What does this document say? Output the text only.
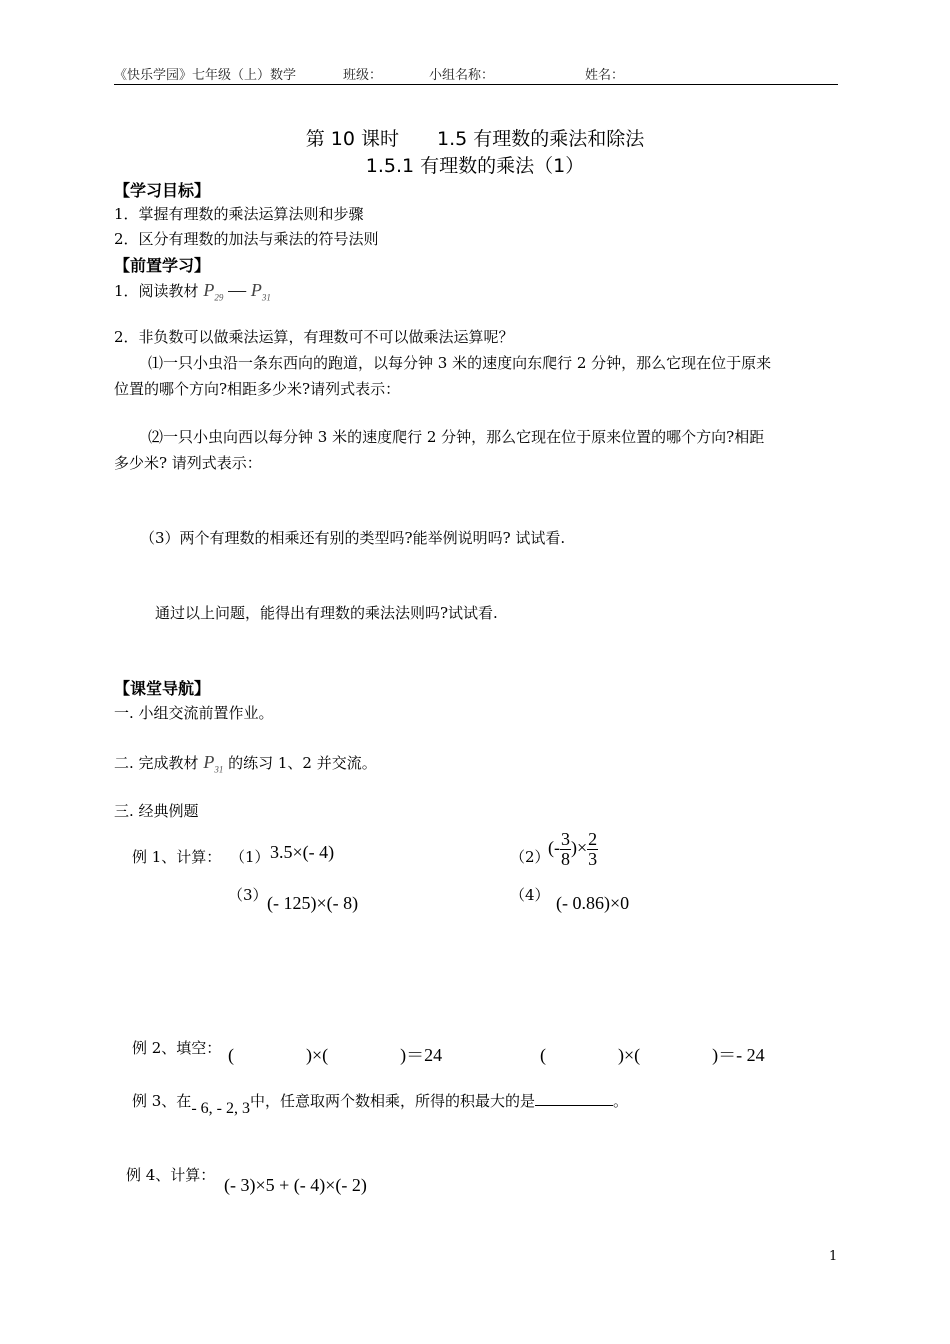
《快乐学园》七年级（上）数学	班级：	小组名称：	姓名：
第 10 课时　　1.5 有理数的乘法和除法
1.5.1 有理数的乘法（1）
【学习目标】
1．掌握有理数的乘法运算法则和步骤
2．区分有理数的加法与乘法的符号法则
【前置学习】
1．阅读教材 $P_{29}$ — $P_{31}$
2．非负数可以做乘法运算，有理数可不可以做乘法运算呢？
⑴一只小虫沿一条东西向的跑道，以每分钟 3 米的速度向东爬行 2 分钟，那么它现在位于原来
位置的哪个方向?相距多少米?请列式表示：
⑵一只小虫向西以每分钟 3 米的速度爬行 2 分钟，那么它现在位于原来位置的哪个方向?相距
多少米? 请列式表示：
（3）两个有理数的相乘还有别的类型吗?能举例说明吗? 试试看.
通过以上问题，能得出有理数的乘法法则吗?试试看.
【课堂导航】
一. 小组交流前置作业。
二. 完成教材 $P_{31}$ 的练习 1、2 并交流。
三. 经典例题
例 1、计算： （1） 3.5×(- 4)	（2）
(- $\frac{3}{8}$ )× $\frac{2}{3}$
（3） (- 125)×(- 8)	（4） (- 0.86)×0
例 2、填空： (　　　　)×(　　　　)＝24	(　　　　)×(　　　　)＝- 24
例 3、在- 6, - 2, 3中，任意取两个数相乘，所得的积最大的是	。
例 4、计算： (- 3)×5 + (- 4)×(- 2)
1
